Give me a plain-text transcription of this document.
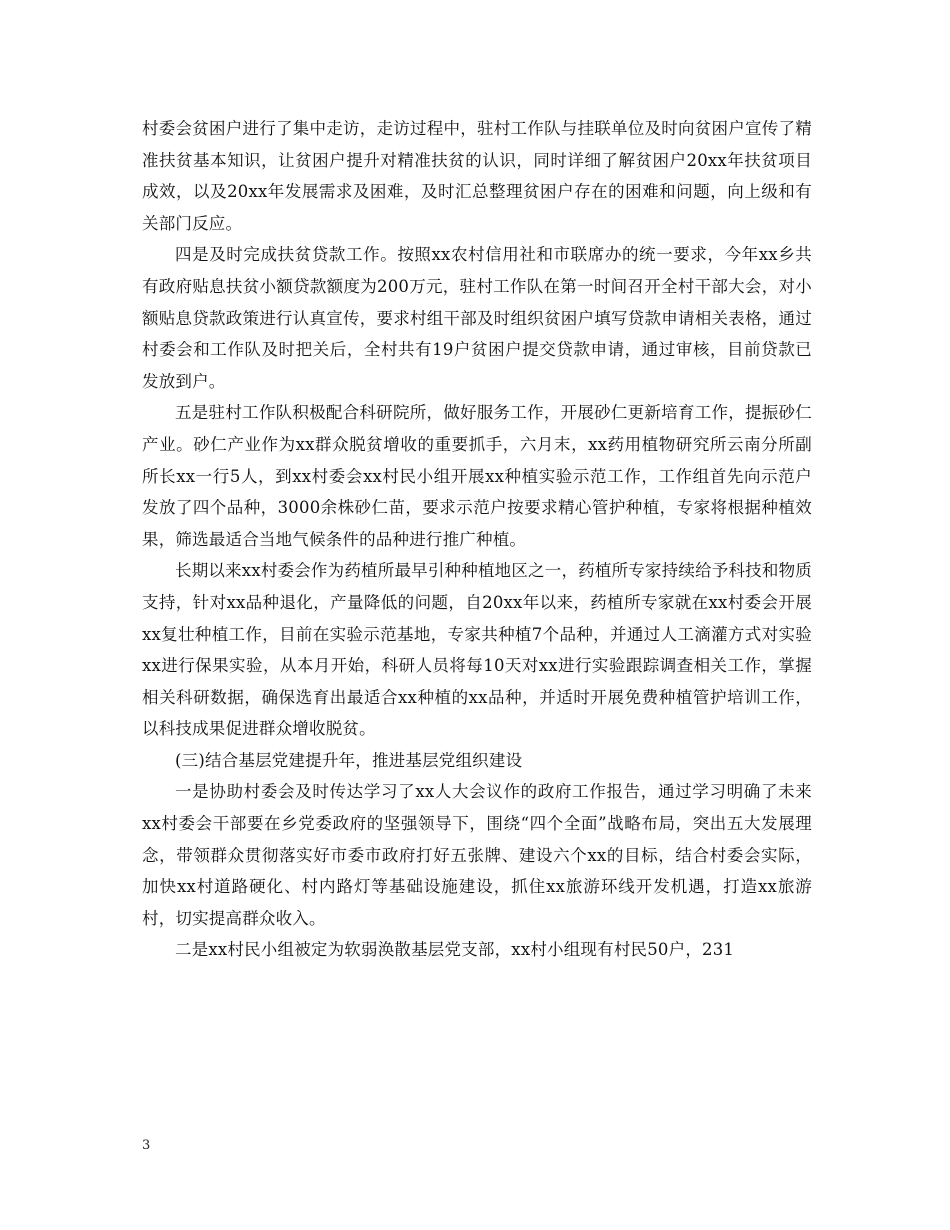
村委会贫困户进行了集中走访，走访过程中，驻村工作队与挂联单位及时向贫困户宣传了精准扶贫基本知识，让贫困户提升对精准扶贫的认识，同时详细了解贫困户20xx年扶贫项目成效，以及20xx年发展需求及困难，及时汇总整理贫困户存在的困难和问题，向上级和有关部门反应。

四是及时完成扶贫贷款工作。按照xx农村信用社和市联席办的统一要求，今年xx乡共有政府贴息扶贫小额贷款额度为200万元，驻村工作队在第一时间召开全村干部大会，对小额贴息贷款政策进行认真宣传，要求村组干部及时组织贫困户填写贷款申请相关表格，通过村委会和工作队及时把关后，全村共有19户贫困户提交贷款申请，通过审核，目前贷款已发放到户。

五是驻村工作队积极配合科研院所，做好服务工作，开展砂仁更新培育工作，提振砂仁产业。砂仁产业作为xx群众脱贫增收的重要抓手，六月末，xx药用植物研究所云南分所副所长xx一行5人，到xx村委会xx村民小组开展xx种植实验示范工作，工作组首先向示范户发放了四个品种，3000余株砂仁苗，要求示范户按要求精心管护种植，专家将根据种植效果，筛选最适合当地气候条件的品种进行推广种植。

长期以来xx村委会作为药植所最早引种种植地区之一，药植所专家持续给予科技和物质支持，针对xx品种退化，产量降低的问题，自20xx年以来，药植所专家就在xx村委会开展xx复壮种植工作，目前在实验示范基地，专家共种植7个品种，并通过人工滴灌方式对实验xx进行保果实验，从本月开始，科研人员将每10天对xx进行实验跟踪调查相关工作，掌握相关科研数据，确保选育出最适合xx种植的xx品种，并适时开展免费种植管护培训工作，以科技成果促进群众增收脱贫。

(三)结合基层党建提升年，推进基层党组织建设

一是协助村委会及时传达学习了xx人大会议作的政府工作报告，通过学习明确了未来xx村委会干部要在乡党委政府的坚强领导下，围绕“四个全面”战略布局，突出五大发展理念，带领群众贯彻落实好市委市政府打好五张牌、建设六个xx的目标，结合村委会实际，加快xx村道路硬化、村内路灯等基础设施建设，抓住xx旅游环线开发机遇，打造xx旅游村，切实提高群众收入。

二是xx村民小组被定为软弱涣散基层党支部，xx村小组现有村民50户，231

3
